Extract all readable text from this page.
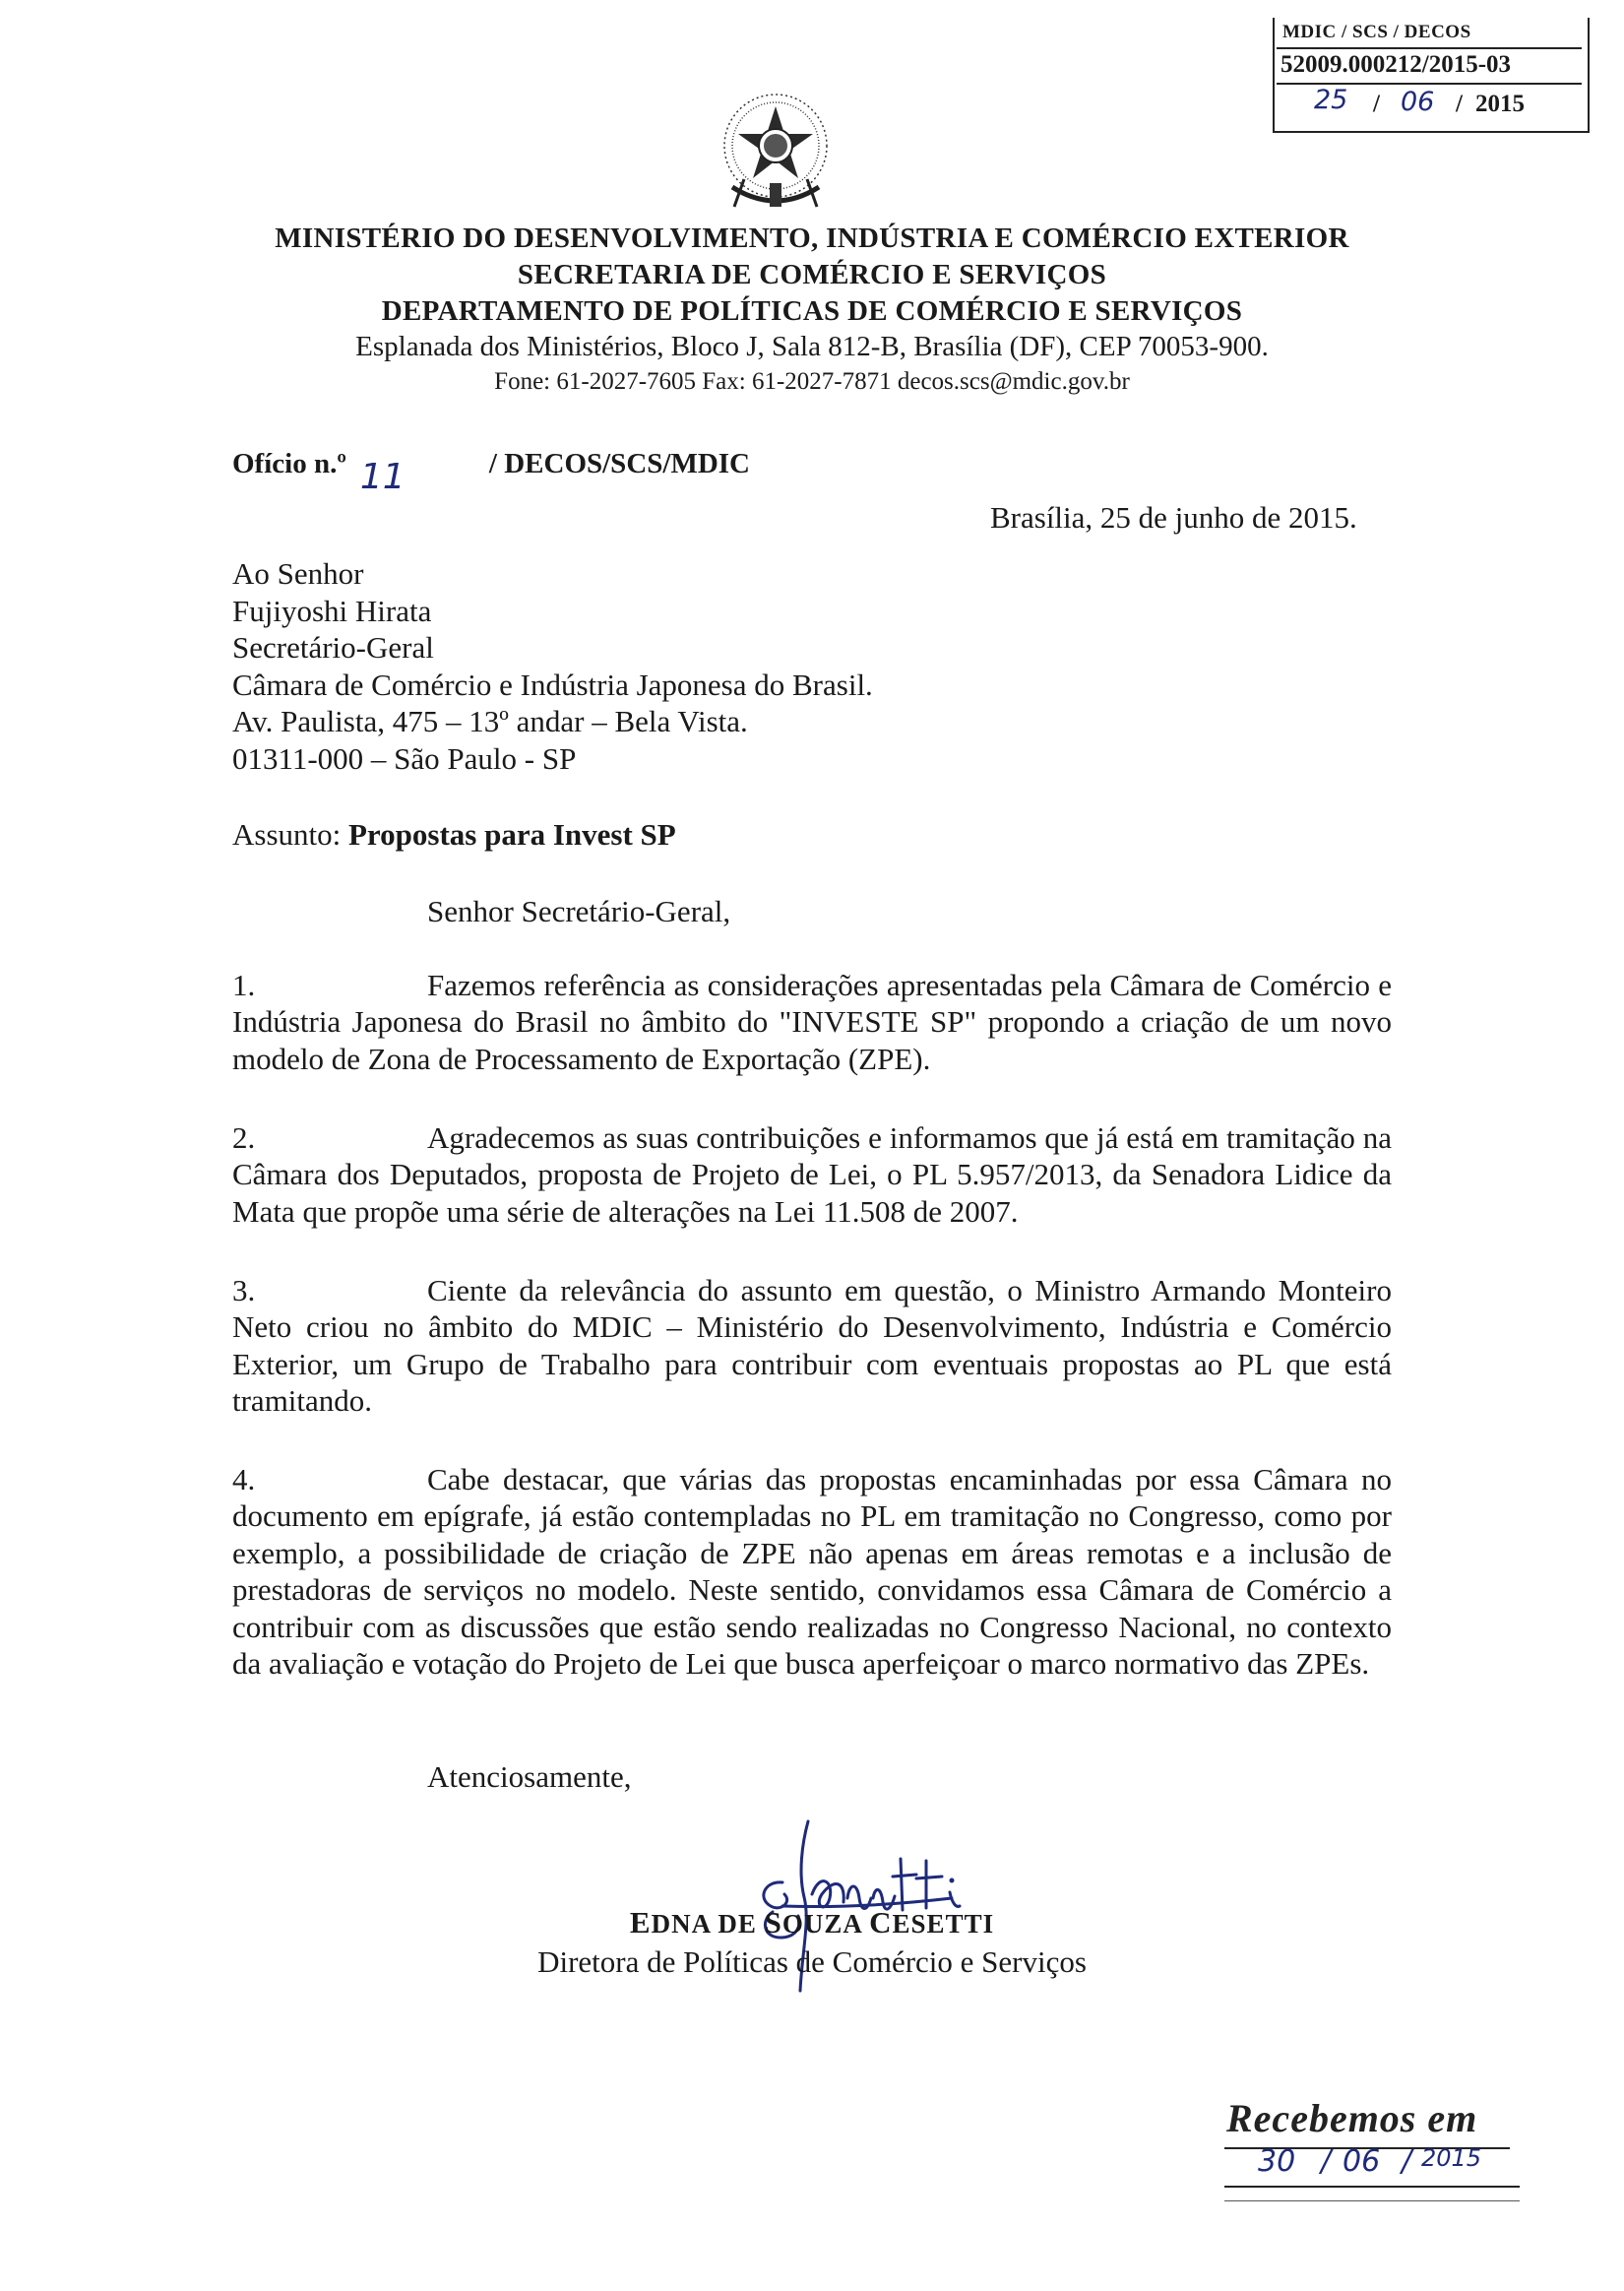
MDIC / SCS / DECOS
52009.000212/2015-03
25 / 06 / 2015
MINISTÉRIO DO DESENVOLVIMENTO, INDÚSTRIA E COMÉRCIO EXTERIOR
SECRETARIA DE COMÉRCIO E SERVIÇOS
DEPARTAMENTO DE POLÍTICAS DE COMÉRCIO E SERVIÇOS
Esplanada dos Ministérios, Bloco J, Sala 812-B, Brasília (DF), CEP 70053-900.
Fone: 61-2027-7605 Fax: 61-2027-7871 decos.scs@mdic.gov.br
Ofício n.º 11	/ DECOS/SCS/MDIC
Brasília, 25 de junho de 2015.
Ao Senhor
Fujiyoshi Hirata
Secretário-Geral
Câmara de Comércio e Indústria Japonesa do Brasil.
Av. Paulista, 475 – 13º andar – Bela Vista.
01311-000 – São Paulo - SP
Assunto: Propostas para Invest SP
Senhor Secretário-Geral,
1.	Fazemos referência as considerações apresentadas pela Câmara de Comércio e Indústria Japonesa do Brasil no âmbito do "INVESTE SP" propondo a criação de um novo modelo de Zona de Processamento de Exportação (ZPE).
2.	Agradecemos as suas contribuições e informamos que já está em tramitação na Câmara dos Deputados, proposta de Projeto de Lei, o PL 5.957/2013, da Senadora Lidice da Mata que propõe uma série de alterações na Lei 11.508 de 2007.
3.	Ciente da relevância do assunto em questão, o Ministro Armando Monteiro Neto criou no âmbito do MDIC – Ministério do Desenvolvimento, Indústria e Comércio Exterior, um Grupo de Trabalho para contribuir com eventuais propostas ao PL que está tramitando.
4.	Cabe destacar, que várias das propostas encaminhadas por essa Câmara no documento em epígrafe, já estão contempladas no PL em tramitação no Congresso, como por exemplo, a possibilidade de criação de ZPE não apenas em áreas remotas e a inclusão de prestadoras de serviços no modelo. Neste sentido, convidamos essa Câmara de Comércio a contribuir com as discussões que estão sendo realizadas no Congresso Nacional, no contexto da avaliação e votação do Projeto de Lei que busca aperfeiçoar o marco normativo das ZPEs.
Atenciosamente,
EDNA DE SOUZA CESETTI
Diretora de Políticas de Comércio e Serviços
Recebemos em
30 / 06 / 2015
